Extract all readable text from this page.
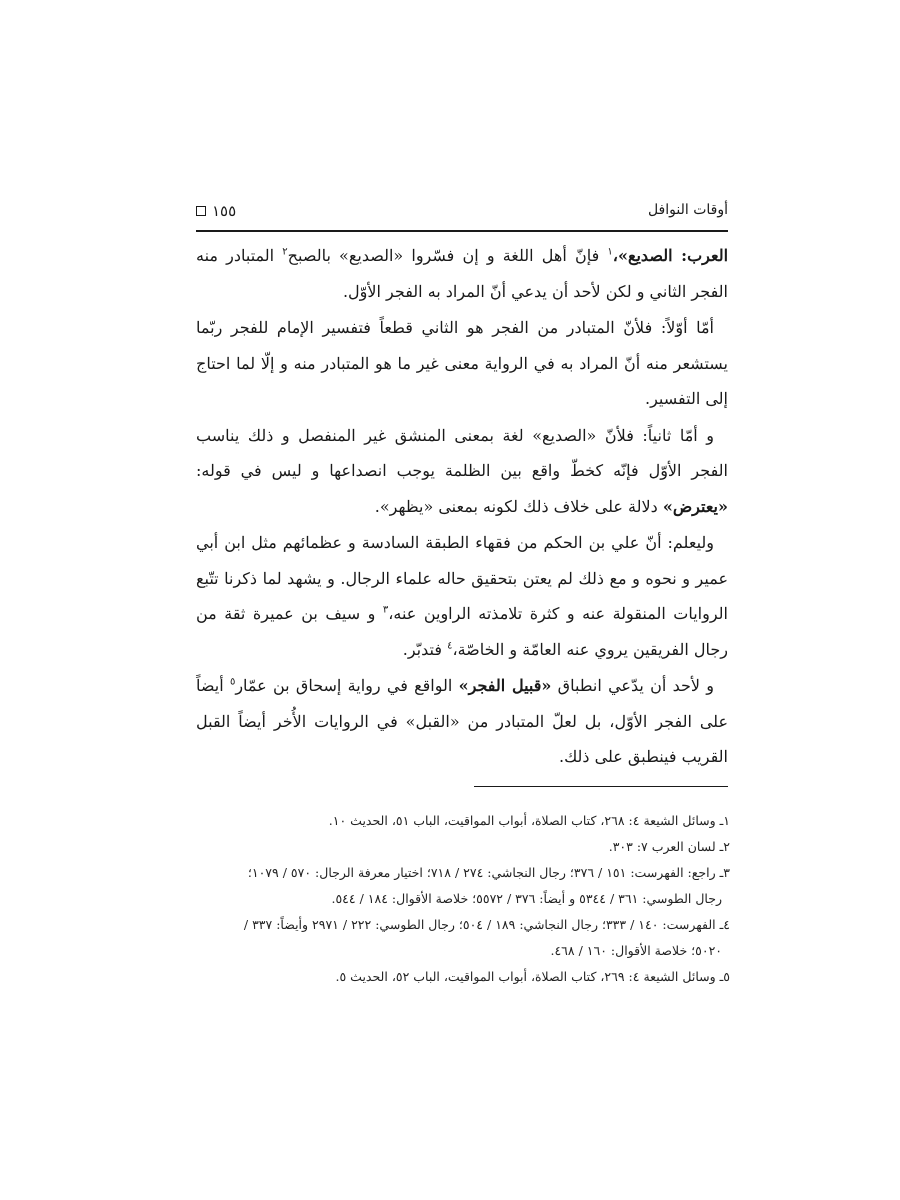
١٥٥	أوقات النوافل

العرب: الصديع»،$^١$ فإنّ أهل اللغة و إن فسّروا «الصديع» بالصبح$^٢$ المتبادر منه الفجر الثاني و لكن لأحد أن يدعي أنّ المراد به الفجر الأوّل.

أمّا أوّلاً: فلأنّ المتبادر من الفجر هو الثاني قطعاً فتفسير الإمام للفجر ربّما يستشعر منه أنّ المراد به في الرواية معنى غير ما هو المتبادر منه و إلّا لما احتاج إلى التفسير.

و أمّا ثانياً: فلأنّ «الصديع» لغة بمعنى المنشق غير المنفصل و ذلك يناسب الفجر الأوّل فإنّه كخطّ واقع بين الظلمة يوجب انصداعها و ليس في قوله: «يعترض» دلالة على خلاف ذلك لكونه بمعنى «يظهر».

وليعلم: أنّ علي بن الحكم من فقهاء الطبقة السادسة و عظمائهم مثل ابن أبي عمير و نحوه و مع ذلك لم يعتن بتحقيق حاله علماء الرجال. و يشهد لما ذكرنا تتّبع الروايات المنقولة عنه و كثرة تلامذته الراوين عنه،$^٣$ و سيف بن عميرة ثقة من رجال الفريقين يروي عنه العامّة و الخاصّة،$^٤$ فتدبّر.

و لأحد أن يدّعي انطباق «قبيل الفجر» الواقع في رواية إسحاق بن عمّار$^٥$ أيضاً على الفجر الأوّل، بل لعلّ المتبادر من «القبل» في الروايات الأُخر أيضاً القبل القريب فينطبق على ذلك.

١ـ وسائل الشيعة ٤: ٢٦٨، كتاب الصلاة، أبواب المواقيت، الباب ٥١، الحديث ١٠.

٢ـ لسان العرب ٧: ٣٠٣.

٣ـ راجع: الفهرست: ١٥١ / ٣٧٦؛ رجال النجاشي: ٢٧٤ / ٧١٨؛ اختيار معرفة الرجال: ٥٧٠ / ١٠٧٩؛
رجال الطوسي: ٣٦١ / ٥٣٤٤ و أيضاً: ٣٧٦ / ٥٥٧٢؛ خلاصة الأقوال: ١٨٤ / ٥٤٤.

٤ـ الفهرست: ١٤٠ / ٣٣٣؛ رجال النجاشي: ١٨٩ / ٥٠٤؛ رجال الطوسي: ٢٢٢ / ٢٩٧١ وأيضاً: ٣٣٧ /
٥٠٢٠؛ خلاصة الأقوال: ١٦٠ / ٤٦٨.

٥ـ وسائل الشيعة ٤: ٢٦٩، كتاب الصلاة، أبواب المواقيت، الباب ٥٢، الحديث ٥.
